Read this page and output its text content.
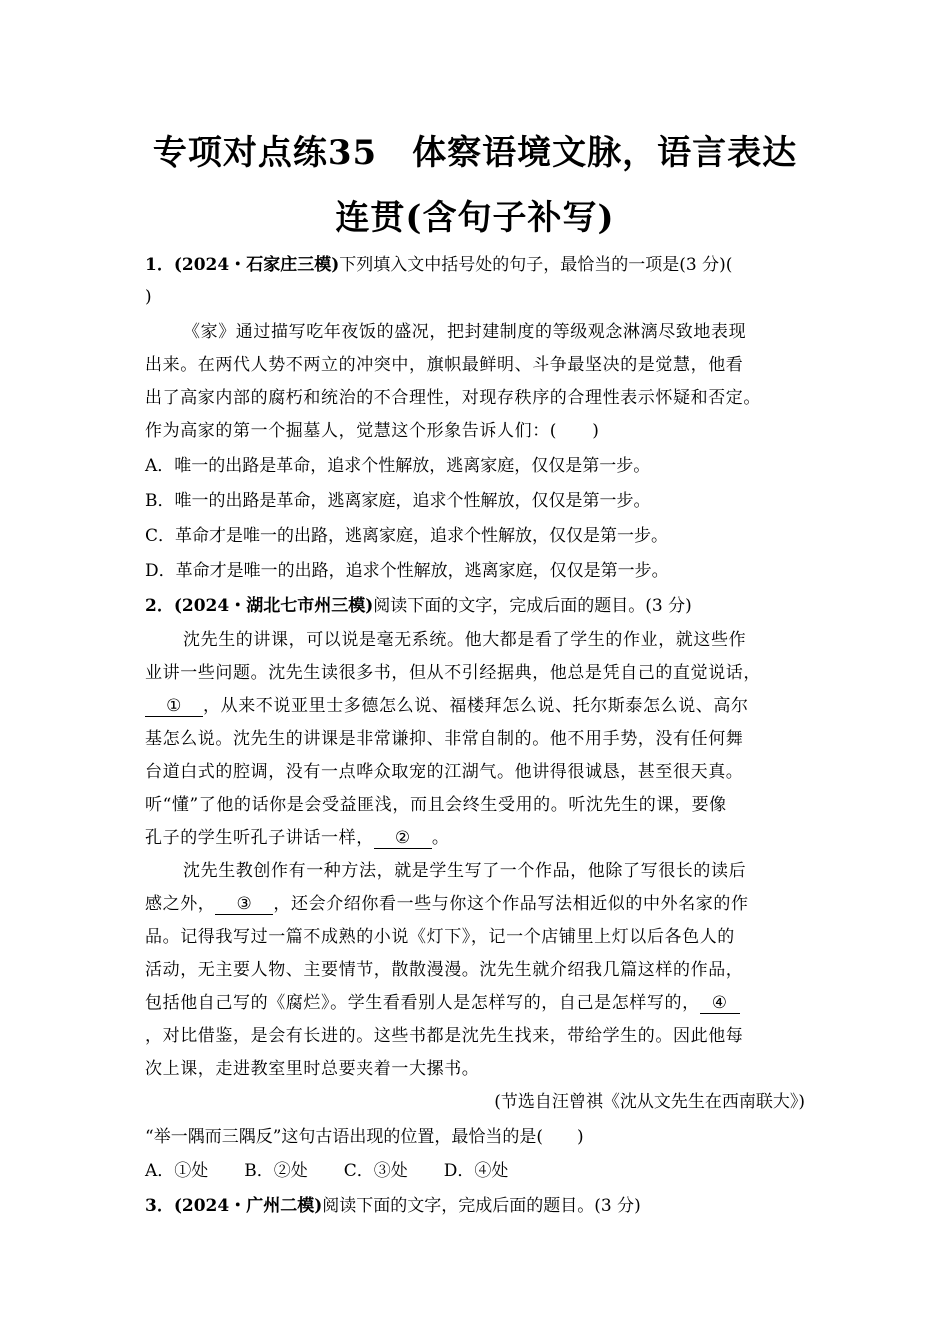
专项对点练35　体察语境文脉，语言表达
连贯(含句子补写)
1．(2024・石家庄三模)下列填入文中括号处的句子，最恰当的一项是(3 分)(
)
《家》通过描写吃年夜饭的盛况，把封建制度的等级观念淋漓尽致地表现
出来。在两代人势不两立的冲突中，旗帜最鲜明、斗争最坚决的是觉慧，他看
出了高家内部的腐朽和统治的不合理性，对现存秩序的合理性表示怀疑和否定。
作为高家的第一个掘墓人，觉慧这个形象告诉人们：(　　)
A．唯一的出路是革命，追求个性解放，逃离家庭，仅仅是第一步。
B．唯一的出路是革命，逃离家庭，追求个性解放，仅仅是第一步。
C．革命才是唯一的出路，逃离家庭，追求个性解放，仅仅是第一步。
D．革命才是唯一的出路，追求个性解放，逃离家庭，仅仅是第一步。
2．(2024・湖北七市州三模)阅读下面的文字，完成后面的题目。(3 分)
沈先生的讲课，可以说是毫无系统。他大都是看了学生的作业，就这些作
业讲一些问题。沈先生读很多书，但从不引经据典，他总是凭自己的直觉说话，
① ，从来不说亚里士多德怎么说、福楼拜怎么说、托尔斯泰怎么说、高尔
基怎么说。沈先生的讲课是非常谦抑、非常自制的。他不用手势，没有任何舞
台道白式的腔调，没有一点哗众取宠的江湖气。他讲得很诚恳，甚至很天真。
听“懂”了他的话你是会受益匪浅，而且会终生受用的。听沈先生的课，要像
孔子的学生听孔子讲话一样， ② 。
沈先生教创作有一种方法，就是学生写了一个作品，他除了写很长的读后
感之外， ③ ，还会介绍你看一些与你这个作品写法相近似的中外名家的作
品。记得我写过一篇不成熟的小说《灯下》，记一个店铺里上灯以后各色人的
活动，无主要人物、主要情节，散散漫漫。沈先生就介绍我几篇这样的作品，
包括他自己写的《腐烂》。学生看看别人是怎样写的，自己是怎样写的， ④
，对比借鉴，是会有长进的。这些书都是沈先生找来，带给学生的。因此他每
次上课，走进教室里时总要夹着一大摞书。
(节选自汪曾祺《沈从文先生在西南联大》)
“举一隅而三隅反”这句古语出现的位置，最恰当的是(　　)
A．①处 B．②处 C．③处 D．④处
3．(2024・广州二模)阅读下面的文字，完成后面的题目。(3 分)
